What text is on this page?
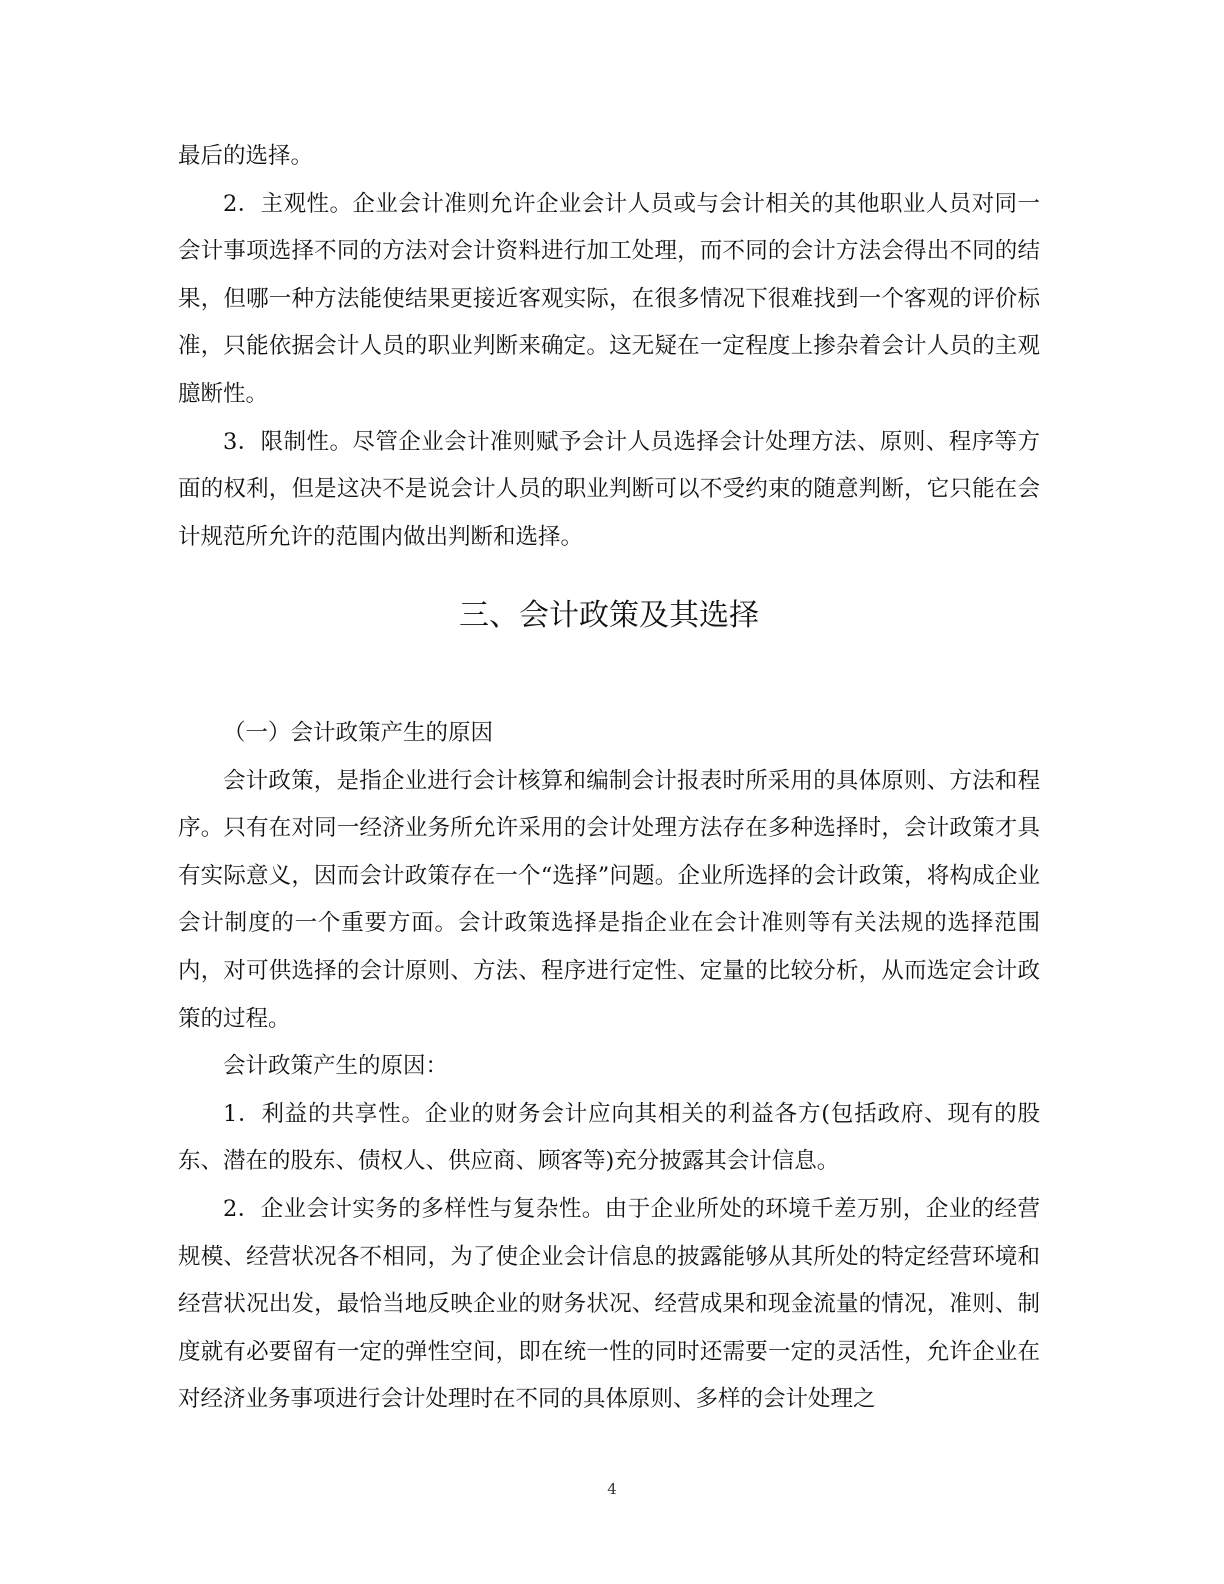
最后的选择。

2．主观性。企业会计准则允许企业会计人员或与会计相关的其他职业人员对同一会计事项选择不同的方法对会计资料进行加工处理，而不同的会计方法会得出不同的结果，但哪一种方法能使结果更接近客观实际，在很多情况下很难找到一个客观的评价标准，只能依据会计人员的职业判断来确定。这无疑在一定程度上掺杂着会计人员的主观臆断性。

3．限制性。尽管企业会计准则赋予会计人员选择会计处理方法、原则、程序等方面的权利，但是这决不是说会计人员的职业判断可以不受约束的随意判断，它只能在会计规范所允许的范围内做出判断和选择。

三、会计政策及其选择

（一）会计政策产生的原因

会计政策，是指企业进行会计核算和编制会计报表时所采用的具体原则、方法和程序。只有在对同一经济业务所允许采用的会计处理方法存在多种选择时，会计政策才具有实际意义，因而会计政策存在一个“选择”问题。企业所选择的会计政策，将构成企业会计制度的一个重要方面。会计政策选择是指企业在会计准则等有关法规的选择范围内，对可供选择的会计原则、方法、程序进行定性、定量的比较分析，从而选定会计政策的过程。

会计政策产生的原因：

1．利益的共享性。企业的财务会计应向其相关的利益各方(包括政府、现有的股东、潜在的股东、债权人、供应商、顾客等)充分披露其会计信息。

2．企业会计实务的多样性与复杂性。由于企业所处的环境千差万别，企业的经营规模、经营状况各不相同，为了使企业会计信息的披露能够从其所处的特定经营环境和经营状况出发，最恰当地反映企业的财务状况、经营成果和现金流量的情况，准则、制度就有必要留有一定的弹性空间，即在统一性的同时还需要一定的灵活性，允许企业在对经济业务事项进行会计处理时在不同的具体原则、多样的会计处理之

4
